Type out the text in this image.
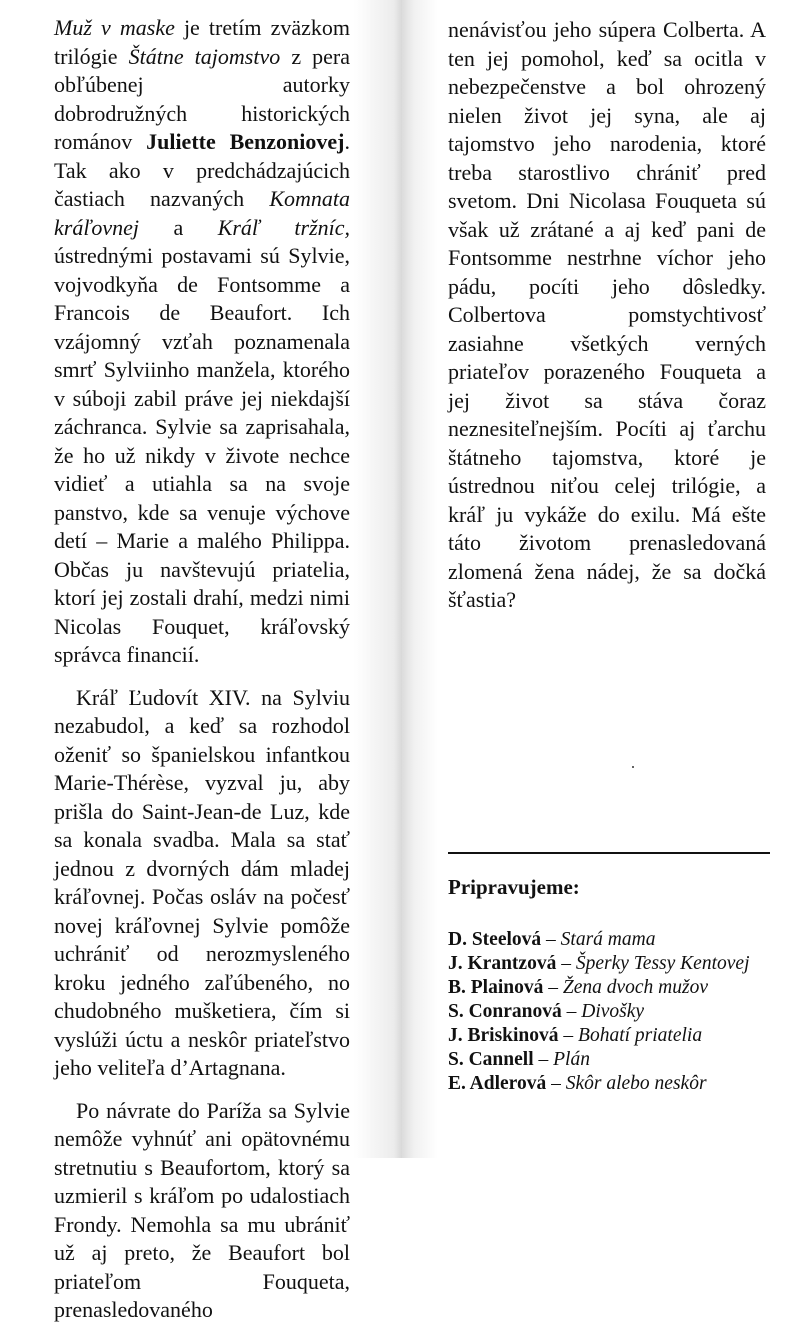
Muž v maske je tretím zväzkom trilógie Štátne tajomstvo z pera obľúbenej autorky dobrodružných historických románov Juliette Benzoniovej. Tak ako v predchádzajúcich častiach nazvaných Komnata kráľovnej a Kráľ tržníc, ústrednými postavami sú Sylvie, vojvodkyňa de Fontsomme a Francois de Beaufort. Ich vzájomný vzťah poznamenala smrť Sylviinho manžela, ktorého v súboji zabil práve jej niekdajší záchranca. Sylvie sa zaprisahala, že ho už nikdy v živote nechce vidieť a utiahla sa na svoje panstvo, kde sa venuje výchove detí – Marie a malého Philippa. Občas ju navštevujú priatelia, ktorí jej zostali drahí, medzi nimi Nicolas Fouquet, kráľovský správca financií.

Kráľ Ľudovít XIV. na Sylviu nezabudol, a keď sa rozhodol oženiť so španielskou infantkou Marie-Thérèse, vyzval ju, aby prišla do Saint-Jean-de Luz, kde sa konala svadba. Mala sa stať jednou z dvorných dám mladej kráľovnej. Počas osláv na počesť novej kráľovnej Sylvie pomôže uchrániť od nerozmysleného kroku jedného zaľúbeného, no chudobného mušketiera, čím si vyslúži úctu a neskôr priateľstvo jeho veliteľa d’Artagnana.

Po návrate do Paríža sa Sylvie nemôže vyhnúť ani opätovnému stretnutiu s Beaufortom, ktorý sa uzmieril s kráľom po udalostiach Frondy. Nemohla sa mu ubrániť už aj preto, že Beaufort bol priateľom Fouqueta, prenasledovaného

nenávisťou jeho súpera Colberta. A ten jej pomohol, keď sa ocitla v nebezpečenstve a bol ohrozený nielen život jej syna, ale aj tajomstvo jeho narodenia, ktoré treba starostlivo chrániť pred svetom. Dni Nicolasa Fouqueta sú však už zrátané a aj keď pani de Fontsomme nestrhne víchor jeho pádu, pocíti jeho dôsledky. Colbertova pomstychtivosť zasiahne všetkých verných priateľov porazeného Fouqueta a jej život sa stáva čoraz neznesiteľnejším. Pocíti aj ťarchu štátneho tajomstva, ktoré je ústrednou niťou celej trilógie, a kráľ ju vykáže do exilu. Má ešte táto životom prenasledovaná zlomená žena nádej, že sa dočká šťastia?

Pripravujeme:
D. Steelová – Stará mama
J. Krantzová – Šperky Tessy Kentovej
B. Plainová – Žena dvoch mužov
S. Conranová – Divošky
J. Briskinová – Bohatí priatelia
S. Cannell – Plán
E. Adlerová – Skôr alebo neskôr
